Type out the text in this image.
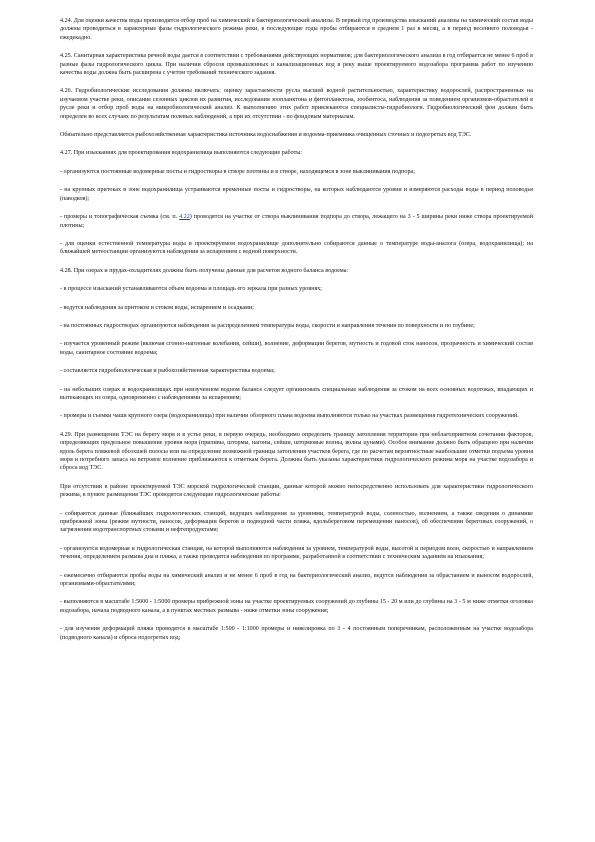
4.24. Для оценки качества воды производится отбор проб на химический и бактериологический анализы. В первый год производства изысканий анализы на химический состав воды должны проводиться в характерные фазы гидрологического режима реки, в последующие годы пробы отбираются в среднем 1 раз в месяц, а в период весеннего половодья - ежедекадно.

4.25. Санитарная характеристика речной воды дается в соответствии с требованиями действующих нормативов; для бактериологического анализа в год отбирается не менее 6 проб в разные фазы гидрологического цикла. При наличии сбросов промышленных и канализационных вод в реку выше проектируемого водозабора программа работ по изучению качества воды должна быть расширена с учетом требований технического задания.

4.26. Гидробиологические исследования должны включать: оценку зарастаемости русла высшей водной растительностью, характеристику водорослей, распространенных на изучаемом участке реки, описание сезонных циклов их развития, исследования зоопланктона и фитопланктона, зообентоса, наблюдения за поведением организмов-обрастателей в русле реки и отбор проб воды на микробиологический анализ. К выполнению этих работ привлекаются специалисты-гидробиологи. Гидробиологический фон должен быть определен во всех случаях по результатам полевых наблюдений, а при их отсутствии - по фондовым материалам.

Обязательно представляется рыбохозяйственная характеристика источника водоснабжения и водоема-приемника очищенных сточных и подогретых вод ТЭС.

4.27. При изысканиях для проектирования водохранилища выполняются следующие работы:

- организуются постоянные водомерные посты и гидростворы в створе плотины и в створе, находящемся в зоне выклинивания подпора;

- на крупных притоках в зоне водохранилища устраиваются временные посты и гидростворы, на которых наблюдаются уровни и измеряются расходы воды в период половодья (паводков);

- промеры и топографическая съемка (см. п. 4.22) проводятся на участке от створа выклинивания подпора до створа, лежащего на 3 - 5 ширины реки ниже створа проектируемой плотины;

- для оценки естественной температуры воды в проектируемом водохранилище дополнительно собираются данные о температуре воды-аналога (озера, водохранилища); на ближайшей метеостанции организуются наблюдения за испарением с водной поверхности.

4.28. При озерах и прудах-охладителях должны быть получены данные для расчетов водного баланса водоема:

- в процессе изысканий устанавливаются объем водоема и площадь его зеркала при разных уровнях;

- ведутся наблюдения за притоком и стоком воды, испарением и осадками;

- на постоянных гидростворах организуются наблюдения за распределением температуры воды, скорости и направления течения по поверхности и по глубине;

- изучается уровенный режим (включая сгонно-нагонные колебания, сейши), волнение, деформации берегов, мутность и годовой сток наносов, прозрачность и химический состав воды, санитарное состояние водоема;

- составляется гидробиологическая и рыбохозяйственная характеристика водоема;

- на небольших озерах и водохранилищах при неизученном водном балансе следует организовать специальные наблюдения за стоком на всех основных водотоках, впадающих и вытекающих из озера, одновременно с наблюдениями за испарением;

- промеры и съемки чаши крупного озера (водохранилища) при наличии обзорного плана водоема выполняются только на участках размещения гидротехнических сооружений.

4.29. При размещении ТЭС на берегу моря и в устье реки, в первую очередь, необходимо определить границу затопления территории при неблагоприятном сочетании факторов, определяющих предельное повышение уровня моря (приливы, штормы, нагоны, сейши, штормовые волны, волны цунами). Особое внимание должно быть обращено при наличии вдоль берега пляжевой обсохшей полосы или на определение возможной границы затопления участков берега, где по расчетам вероятностные наибольшие отметки подъема уровня моря и потребного запаса на ветровое волнение приближаются к отметкам берега. Должны быть указаны характеристики гидрологического режима моря на участке водозабора и сброса вод ТЭС.

При отсутствии в районе проектируемой ТЭС морской гидрологической станции, данные которой можно непосредственно использовать для характеристики гидрологического режима, в пункте размещения ТЭС проводятся следующие гидрологические работы:

- собираются данные (ближайших гидрологических станций, ведущих наблюдения за уровнями, температурой воды, соленостью, волнением, а также сведения о динамике прибрежной зоны (режим мутности, наносов, деформации берегов и подводной части пляжа, вдольбереговом перемещении наносов), об обеспечении береговых сооружений, о загрязнении водотранспортных стоками и нефтепродуктами;

- организуется водомерная и гидрологическая станция, на которой выполняются наблюдения за уровнем, температурой воды, высотой и периодом волн, скоростью и направлением течения, определением размыва дна и пляжа, а также проводятся наблюдения по программе, разработанной в соответствии с техническим заданием на изыскания;

- ежемесячно отбираются пробы воды на химический анализ и не менее 6 проб в год на бактериологический анализ, ведутся наблюдения за обрастанием и выносом водорослей, организмами-обрастателями;

- выполняются в масштабе 1:5000 - 1:5000 промеры прибрежной зоны на участке проектируемых сооружений до глубины 15 - 20 м или до глубины на 3 - 5 м ниже отметки оголовка водозабора, начала подводного канала, а в пунктах местных размыва - ниже отметки зоны сооружения;

- для изучения деформаций пляжа проводятся в масштабе 1:500 - 1:1000 промеры и нивелировка по 3 - 4 постоянным поперечникам, расположенным на участке водозабора (подводного канала) и сброса подогретых вод;
